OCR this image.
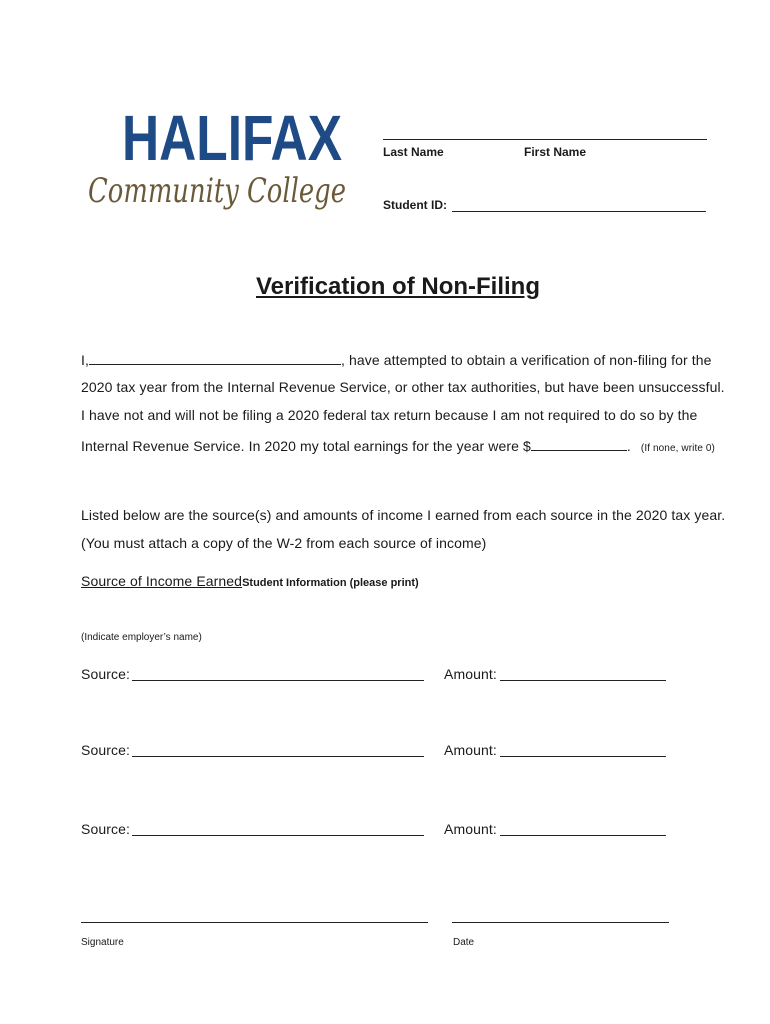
HALIFAX
Community College
Last Name	First Name
Student ID:
Verification of Non-Filing
I,	, have attempted to obtain a verification of non-filing for the
2020 tax year from the Internal Revenue Service, or other tax authorities, but have been unsuccessful.
I have not and will not be filing a 2020 federal tax return because I am not required to do so by the
Internal Revenue Service. In 2020 my total earnings for the year were $	. (If none, write 0)
Listed below are the source(s) and amounts of income I earned from each source in the 2020 tax year.
(You must attach a copy of the W-2 from each source of income)
Source of Income EarnedStudent Information (please print)
(Indicate employer’s name)
Source:	Amount:
Source:	Amount:
Source:	Amount:
Signature	Date
